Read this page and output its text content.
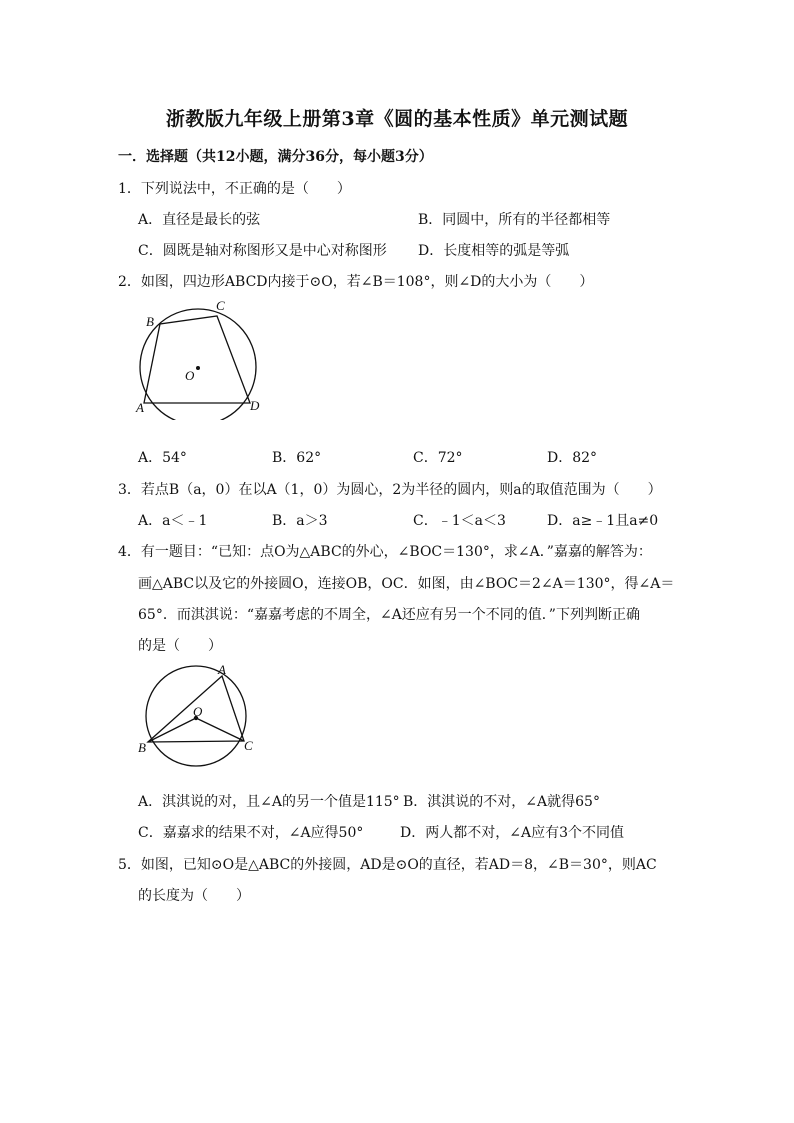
浙教版九年级上册第3章《圆的基本性质》单元测试题
一．选择题（共12小题，满分36分，每小题3分）
1．下列说法中，不正确的是（　　）
A．直径是最长的弦	B．同圆中，所有的半径都相等
C．圆既是轴对称图形又是中心对称图形 D．长度相等的弧是等弧
2．如图，四边形ABCD内接于⊙O，若∠B＝108°，则∠D的大小为（　　）
B
C
O
A	D
A．54°	B．62°	C．72°	D．82°
3．若点B（a，0）在以A（1，0）为圆心，2为半径的圆内，则a的取值范围为（　　）
A．a＜﹣1	B．a＞3	C．﹣1＜a＜3	D．a≥﹣1且a≠0
4．有一题目：“已知：点O为△ABC的外心，∠BOC＝130°，求∠A．”嘉嘉的解答为：
画△ABC以及它的外接圆O，连接OB，OC．如图，由∠BOC＝2∠A＝130°，得∠A＝
65°．而淇淇说：“嘉嘉考虑的不周全，∠A还应有另一个不同的值．”下列判断正确
的是（　　）
A
O
B	C
A．淇淇说的对，且∠A的另一个值是115° B．淇淇说的不对，∠A就得65°
C．嘉嘉求的结果不对，∠A应得50°	D．两人都不对，∠A应有3个不同值
5．如图，已知⊙O是△ABC的外接圆，AD是⊙O的直径，若AD＝8，∠B＝30°，则AC
的长度为（　　）
